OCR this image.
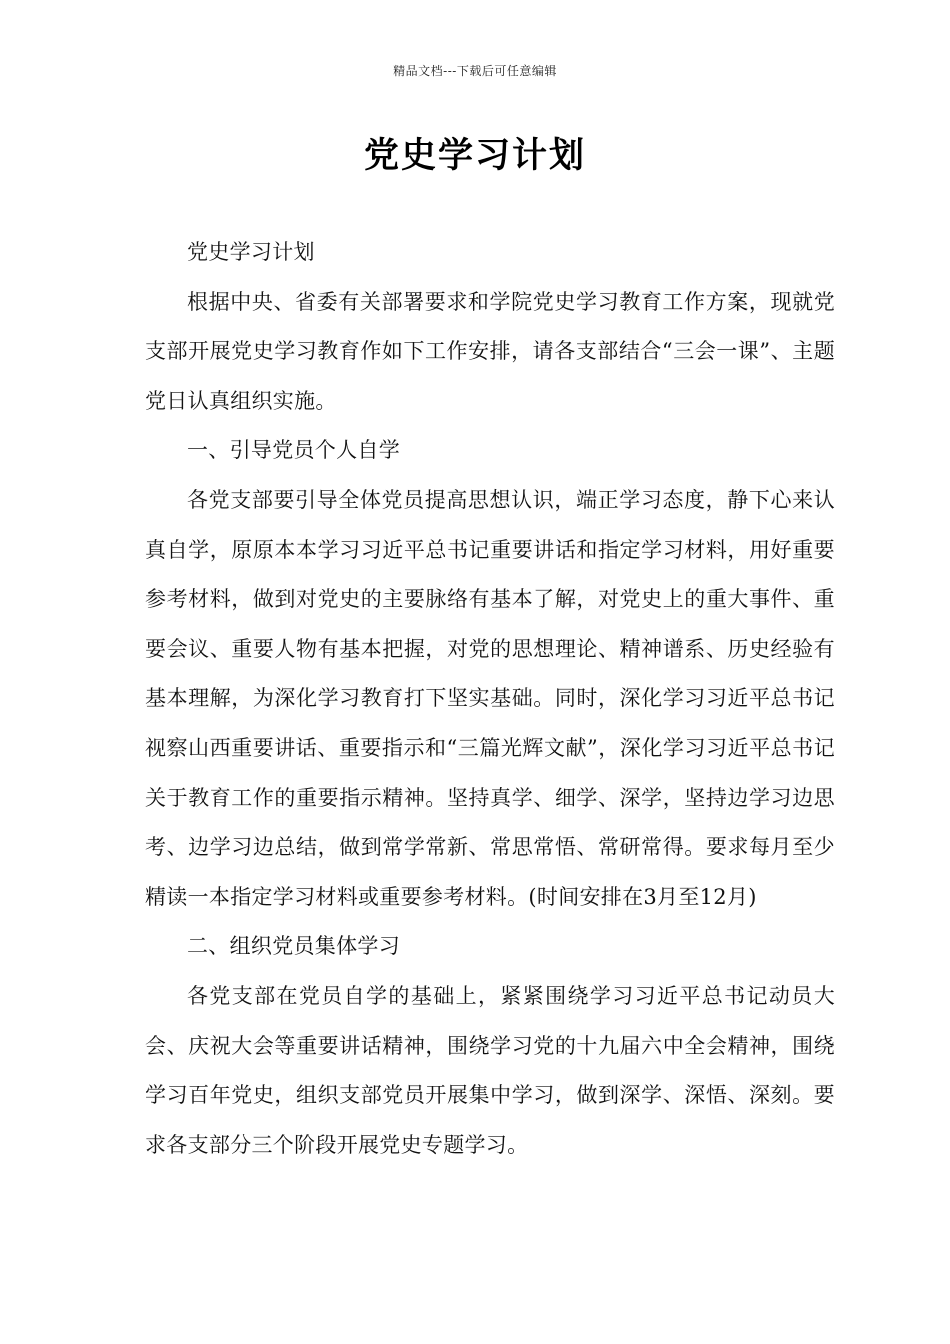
精品文档---下载后可任意编辑
党史学习计划

党史学习计划

根据中央、省委有关部署要求和学院党史学习教育工作方案，现就党支部开展党史学习教育作如下工作安排，请各支部结合“三会一课”、主题党日认真组织实施。

一、引导党员个人自学

各党支部要引导全体党员提高思想认识，端正学习态度，静下心来认真自学，原原本本学习习近平总书记重要讲话和指定学习材料，用好重要参考材料，做到对党史的主要脉络有基本了解，对党史上的重大事件、重要会议、重要人物有基本把握，对党的思想理论、精神谱系、历史经验有基本理解，为深化学习教育打下坚实基础。同时，深化学习习近平总书记视察山西重要讲话、重要指示和“三篇光辉文献”，深化学习习近平总书记关于教育工作的重要指示精神。坚持真学、细学、深学，坚持边学习边思考、边学习边总结，做到常学常新、常思常悟、常研常得。要求每月至少精读一本指定学习材料或重要参考材料。(时间安排在3月至12月)

二、组织党员集体学习

各党支部在党员自学的基础上，紧紧围绕学习习近平总书记动员大会、庆祝大会等重要讲话精神，围绕学习党的十九届六中全会精神，围绕学习百年党史，组织支部党员开展集中学习，做到深学、深悟、深刻。要求各支部分三个阶段开展党史专题学习。
